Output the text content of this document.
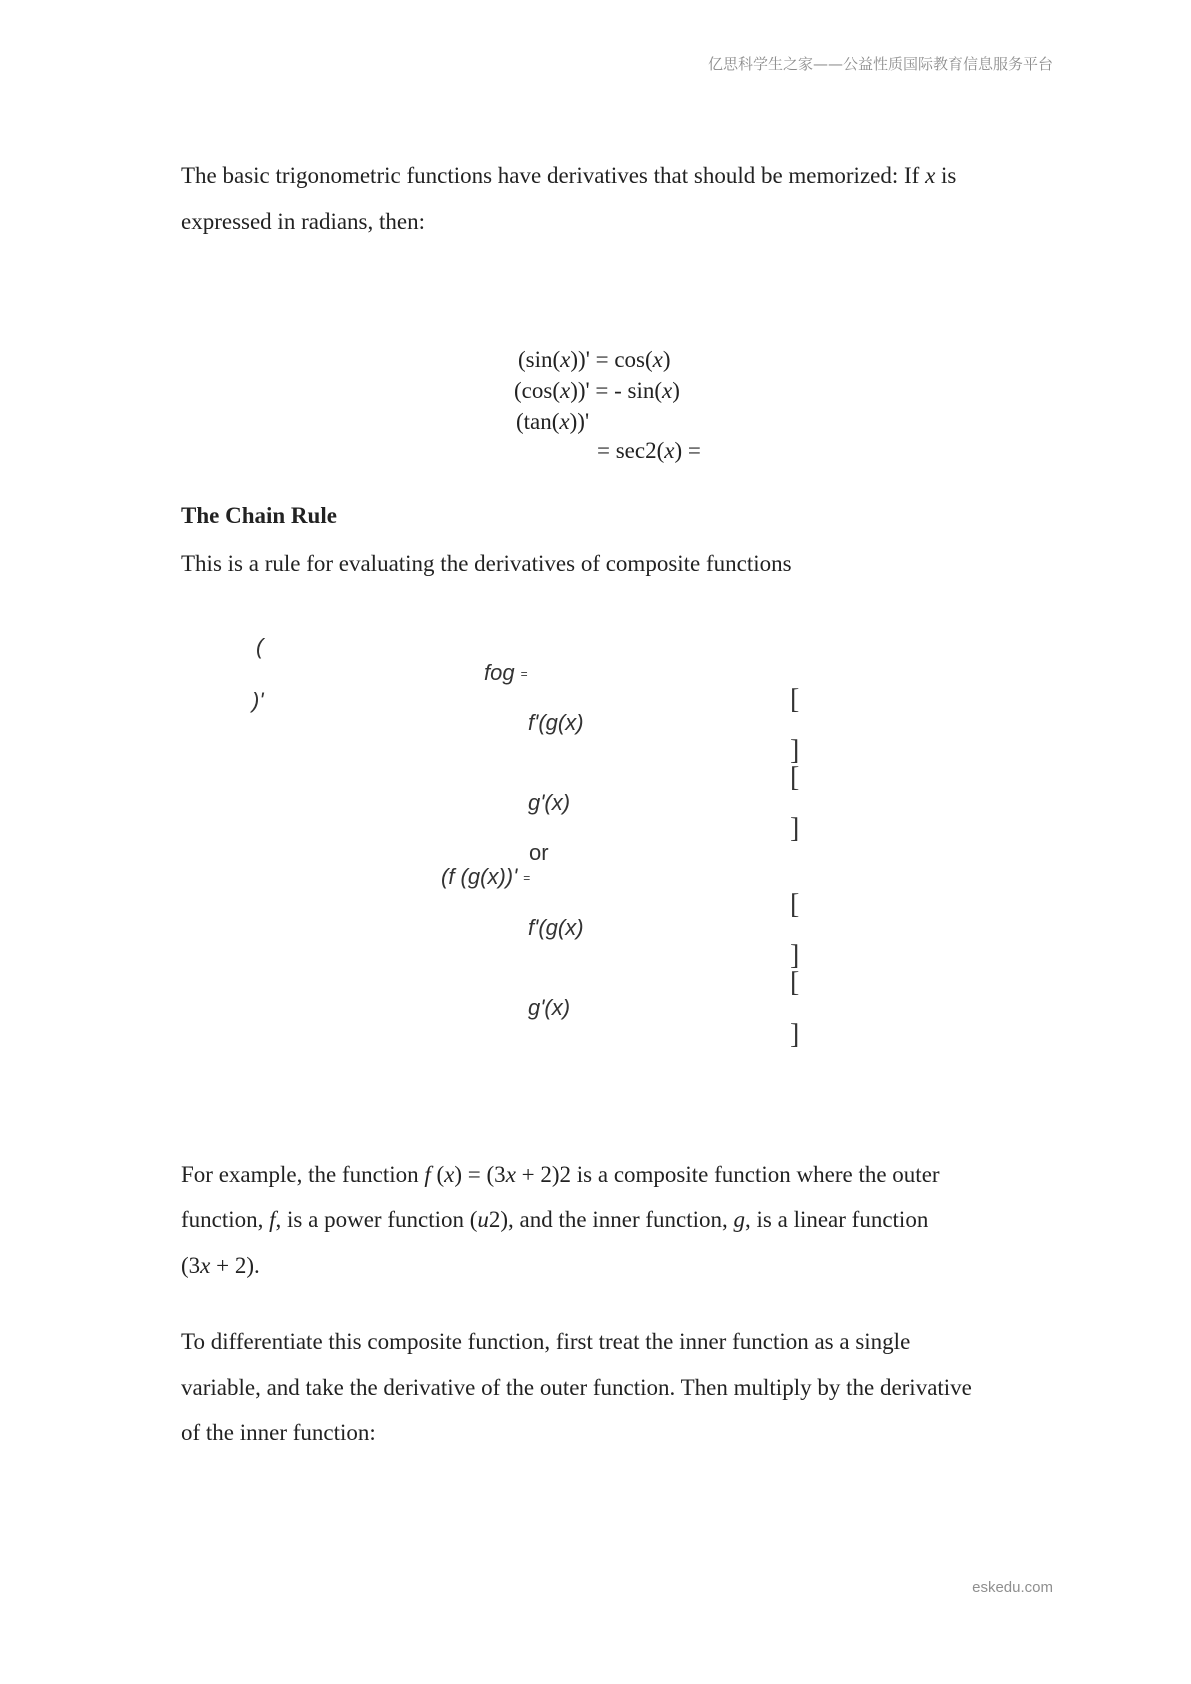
亿思科学生之家——公益性质国际教育信息服务平台
The basic trigonometric functions have derivatives that should be memorized: If x is
expressed in radians, then:
(sin(x))' = cos(x)
(cos(x))' = - sin(x)
(tan(x))'
= sec2(x) =
The Chain Rule
This is a rule for evaluating the derivatives of composite functions
(
)'
fog =
f'(g(x)
g'(x)
or
(f (g(x))' =
f'(g(x)
g'(x)
[
]
[
]
[
]
[
]
For example, the function f (x) = (3x + 2)2 is a composite function where the outer
function, f, is a power function (u2), and the inner function, g, is a linear function
(3x + 2).
To differentiate this composite function, first treat the inner function as a single
variable, and take the derivative of the outer function. Then multiply by the derivative
of the inner function:
eskedu.com
